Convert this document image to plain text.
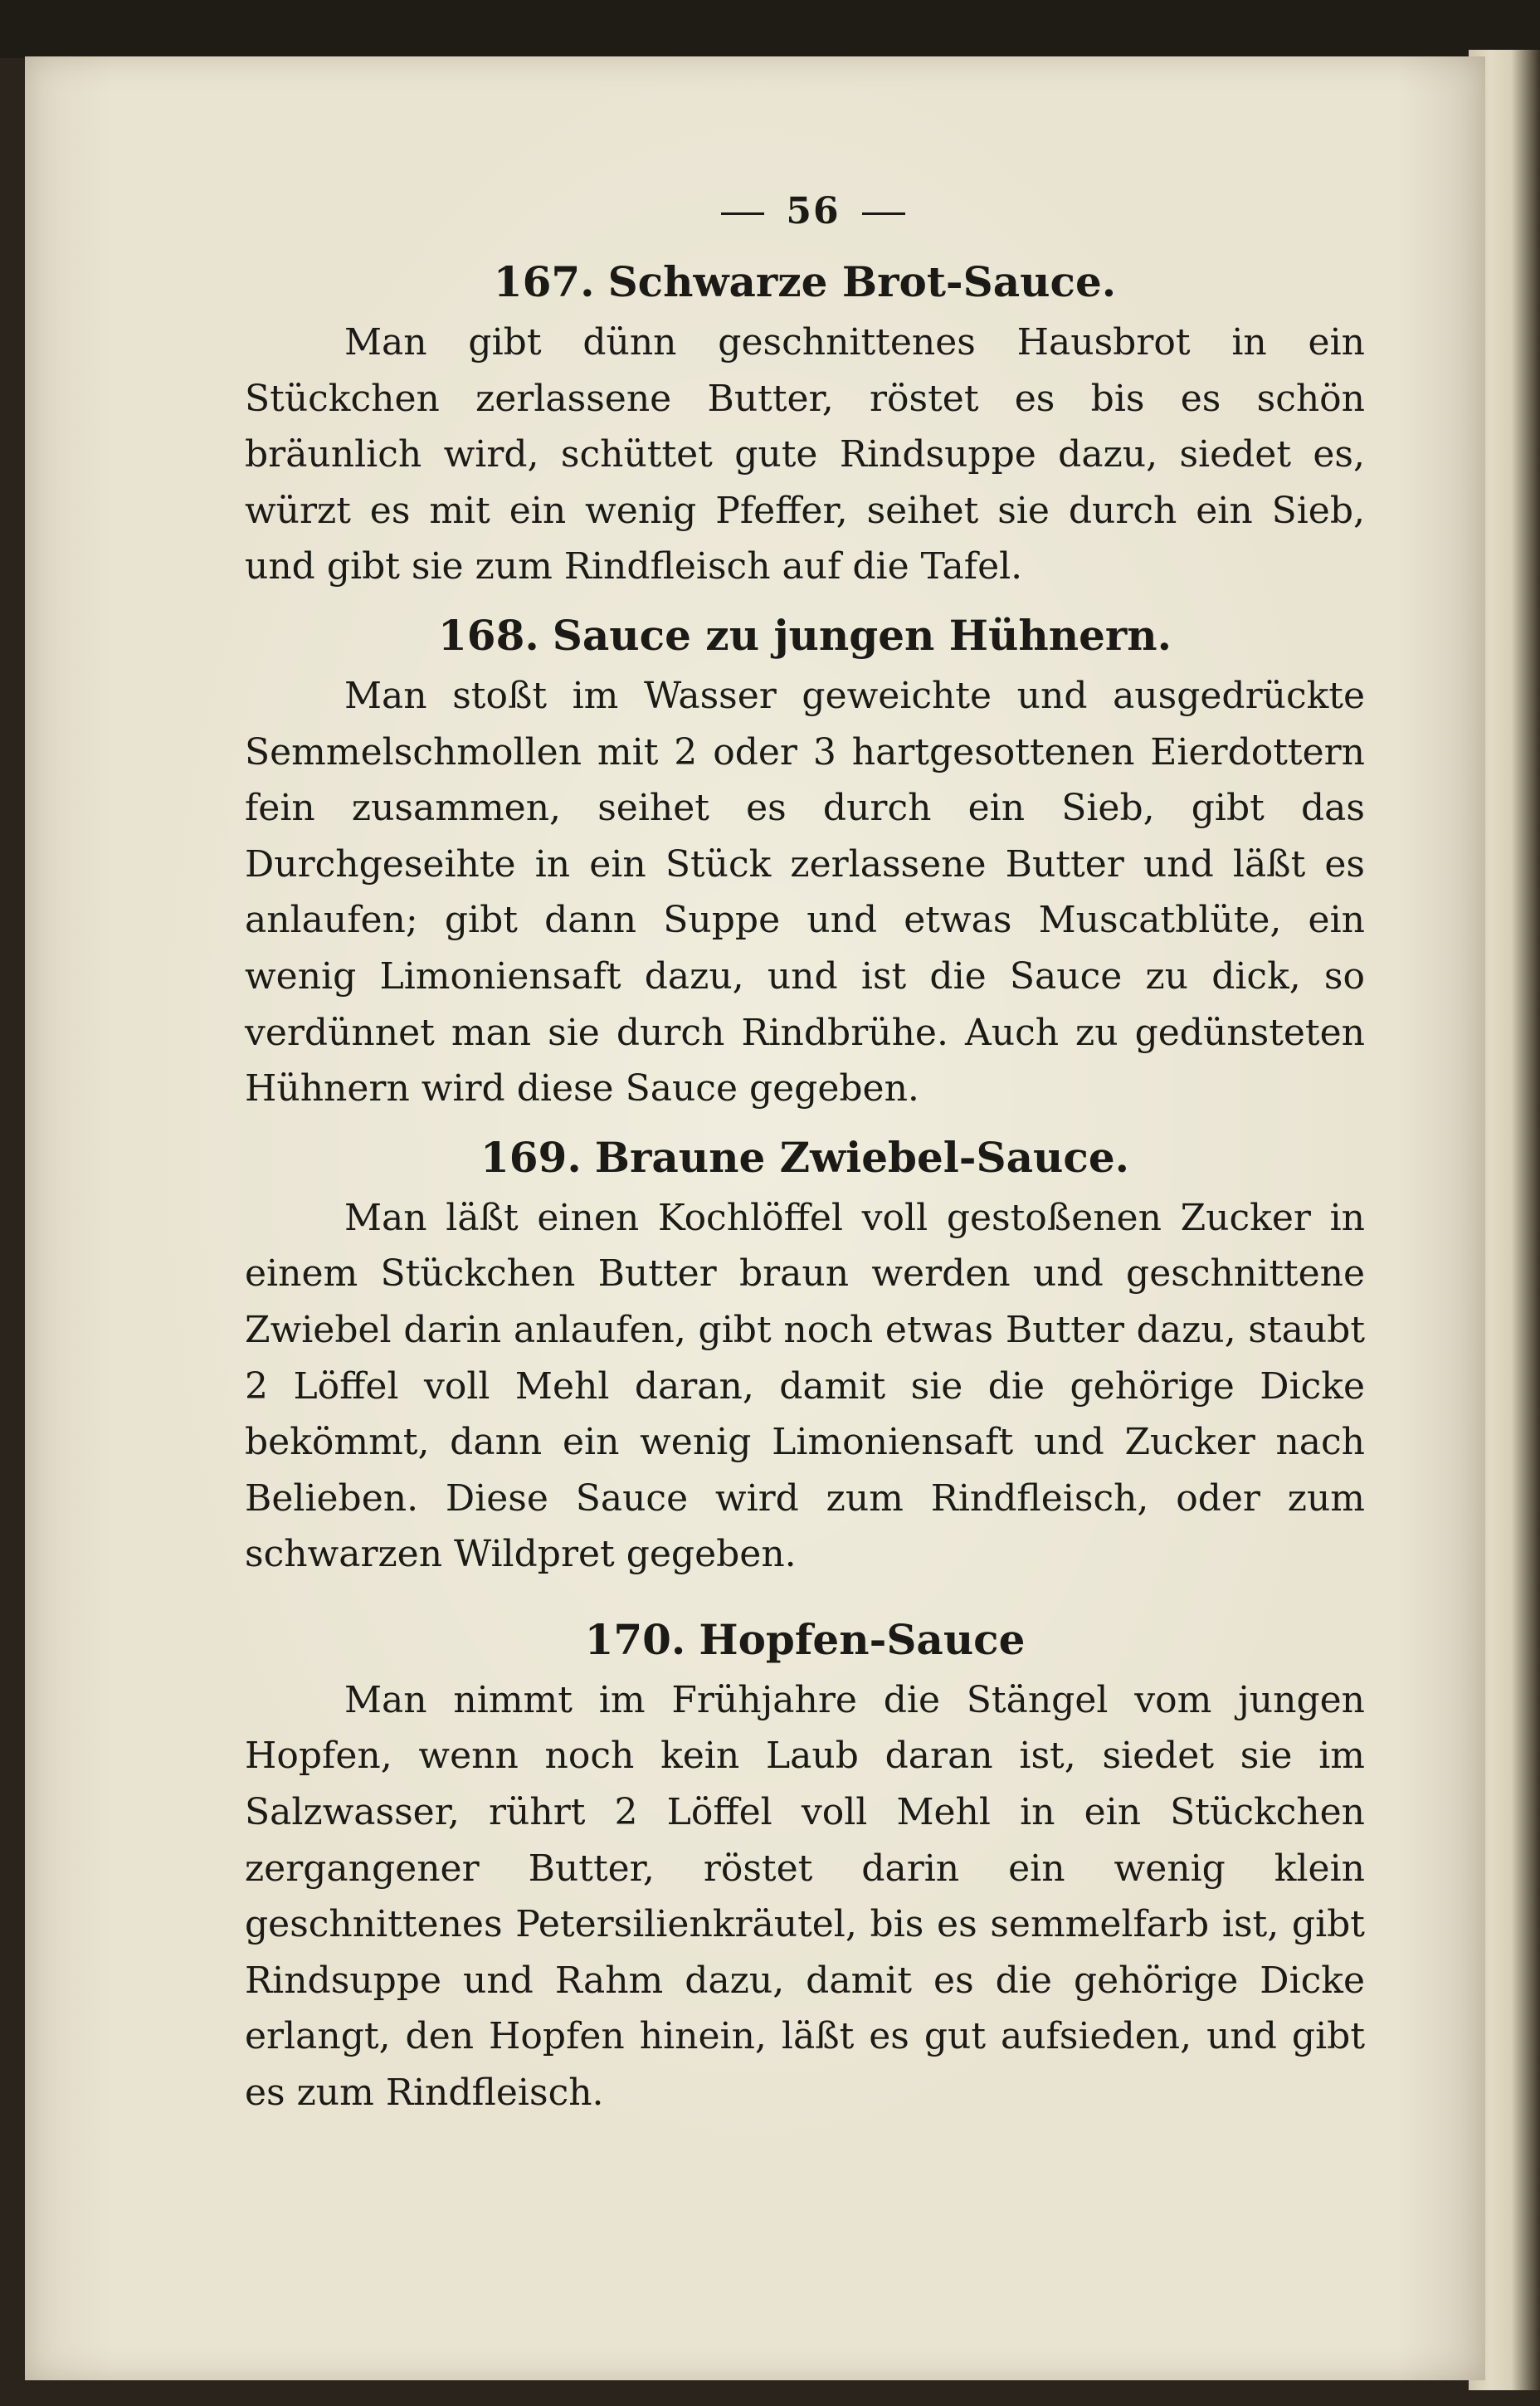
56
167. Schwarze Brot-Sauce.
Man gibt dünn geschnittenes Hausbrot in ein Stückchen zerlassene Butter, röstet es bis es schön bräunlich wird, schüttet gute Rindsuppe dazu, siedet es, würzt es mit ein wenig Pfeffer, seihet sie durch ein Sieb, und gibt sie zum Rindfleisch auf die Tafel.
168. Sauce zu jungen Hühnern.
Man stoßt im Wasser geweichte und ausgedrückte Semmelschmollen mit 2 oder 3 hartgesottenen Eierdottern fein zusammen, seihet es durch ein Sieb, gibt das Durchgeseihte in ein Stück zerlassene Butter und läßt es anlaufen; gibt dann Suppe und etwas Muscatblüte, ein wenig Limoniensaft dazu, und ist die Sauce zu dick, so verdünnet man sie durch Rindbrühe. Auch zu gedünsteten Hühnern wird diese Sauce gegeben.
169. Braune Zwiebel-Sauce.
Man läßt einen Kochlöffel voll gestoßenen Zucker in einem Stückchen Butter braun werden und geschnittene Zwiebel darin anlaufen, gibt noch etwas Butter dazu, staubt 2 Löffel voll Mehl daran, damit sie die gehörige Dicke bekömmt, dann ein wenig Limoniensaft und Zucker nach Belieben. Diese Sauce wird zum Rindfleisch, oder zum schwarzen Wildpret gegeben.
170. Hopfen-Sauce
Man nimmt im Frühjahre die Stängel vom jungen Hopfen, wenn noch kein Laub daran ist, siedet sie im Salzwasser, rührt 2 Löffel voll Mehl in ein Stückchen zergangener Butter, röstet darin ein wenig klein geschnittenes Petersilienkräutel, bis es semmelfarb ist, gibt Rindsuppe und Rahm dazu, damit es die gehörige Dicke erlangt, den Hopfen hinein, läßt es gut aufsieden, und gibt es zum Rindfleisch.
